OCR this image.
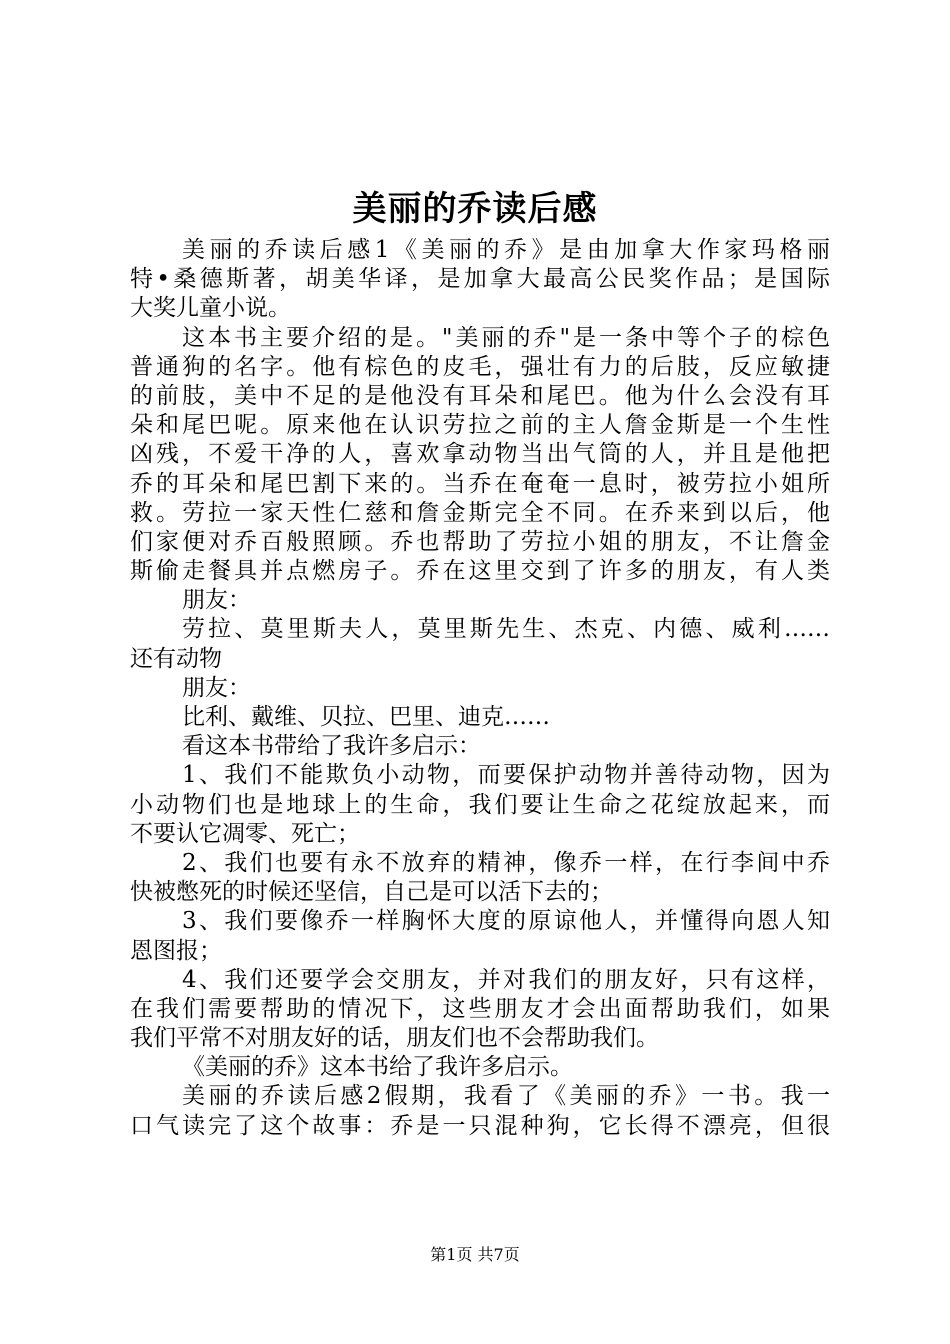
美丽的乔读后感
美丽的乔读后感1《美丽的乔》是由加拿大作家玛格丽
特•桑德斯著，胡美华译，是加拿大最高公民奖作品；是国际
大奖儿童小说。
这本书主要介绍的是。"美丽的乔"是一条中等个子的棕色
普通狗的名字。他有棕色的皮毛，强壮有力的后肢，反应敏捷
的前肢，美中不足的是他没有耳朵和尾巴。他为什么会没有耳
朵和尾巴呢。原来他在认识劳拉之前的主人詹金斯是一个生性
凶残，不爱干净的人，喜欢拿动物当出气筒的人，并且是他把
乔的耳朵和尾巴割下来的。当乔在奄奄一息时，被劳拉小姐所
救。劳拉一家天性仁慈和詹金斯完全不同。在乔来到以后，他
们家便对乔百般照顾。乔也帮助了劳拉小姐的朋友，不让詹金
斯偷走餐具并点燃房子。乔在这里交到了许多的朋友，有人类
朋友：
劳拉、莫里斯夫人，莫里斯先生、杰克、内德、威利……
还有动物
朋友：
比利、戴维、贝拉、巴里、迪克……
看这本书带给了我许多启示：
1、我们不能欺负小动物，而要保护动物并善待动物，因为
小动物们也是地球上的生命，我们要让生命之花绽放起来，而
不要认它凋零、死亡；
2、我们也要有永不放弃的精神，像乔一样，在行李间中乔
快被憋死的时候还坚信，自己是可以活下去的；
3、我们要像乔一样胸怀大度的原谅他人，并懂得向恩人知
恩图报；
4、我们还要学会交朋友，并对我们的朋友好，只有这样，
在我们需要帮助的情况下，这些朋友才会出面帮助我们，如果
我们平常不对朋友好的话，朋友们也不会帮助我们。
《美丽的乔》这本书给了我许多启示。
美丽的乔读后感2假期，我看了《美丽的乔》一书。我一
口气读完了这个故事：乔是一只混种狗，它长得不漂亮，但很
第1页 共7页
